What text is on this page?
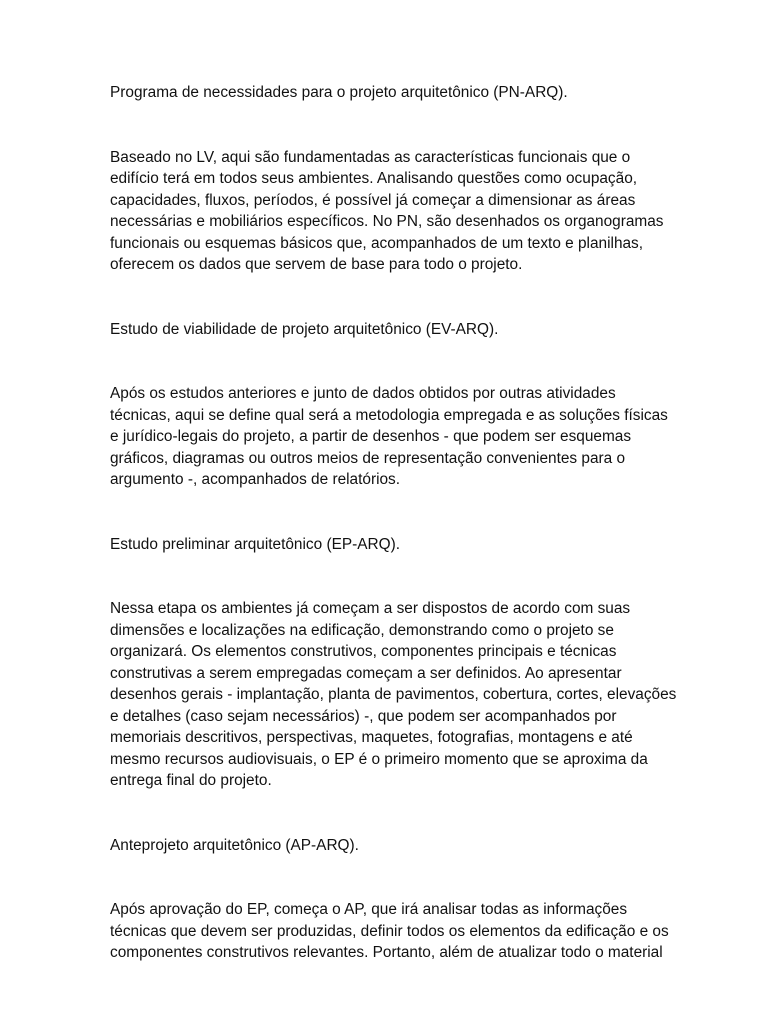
Programa de necessidades para o projeto arquitetônico (PN-ARQ).

Baseado no LV, aqui são fundamentadas as características funcionais que o
edifício terá em todos seus ambientes. Analisando questões como ocupação,
capacidades, fluxos, períodos, é possível já começar a dimensionar as áreas
necessárias e mobiliários específicos. No PN, são desenhados os organogramas
funcionais ou esquemas básicos que, acompanhados de um texto e planilhas,
oferecem os dados que servem de base para todo o projeto.

Estudo de viabilidade de projeto arquitetônico (EV-ARQ).

Após os estudos anteriores e junto de dados obtidos por outras atividades
técnicas, aqui se define qual será a metodologia empregada e as soluções físicas
e jurídico-legais do projeto, a partir de desenhos - que podem ser esquemas
gráficos, diagramas ou outros meios de representação convenientes para o
argumento -, acompanhados de relatórios.

Estudo preliminar arquitetônico (EP-ARQ).

Nessa etapa os ambientes já começam a ser dispostos de acordo com suas
dimensões e localizações na edificação, demonstrando como o projeto se
organizará. Os elementos construtivos, componentes principais e técnicas
construtivas a serem empregadas começam a ser definidos. Ao apresentar
desenhos gerais - implantação, planta de pavimentos, cobertura, cortes, elevações
e detalhes (caso sejam necessários) -, que podem ser acompanhados por
memoriais descritivos, perspectivas, maquetes, fotografias, montagens e até
mesmo recursos audiovisuais, o EP é o primeiro momento que se aproxima da
entrega final do projeto.

Anteprojeto arquitetônico (AP-ARQ).

Após aprovação do EP, começa o AP, que irá analisar todas as informações
técnicas que devem ser produzidas, definir todos os elementos da edificação e os
componentes construtivos relevantes. Portanto, além de atualizar todo o material
